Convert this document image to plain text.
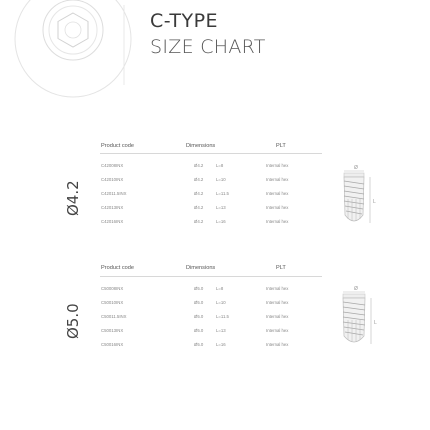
C-TYPE
SIZE CHART
Ø4.2
Product code	Dimensions	PLT
C42008INX	Ø4.2	L=8	Internal hex
C42010INX	Ø4.2	L=10	Internal hex
C42011.5INX	Ø4.2	L=11.5	Internal hex
C42013INX	Ø4.2	L=13	Internal hex
C42016INX	Ø4.2	L=16	Internal hex
Ø
L
Ø5.0
Product code	Dimensions	PLT
C50008INX	Ø5.0	L=8	Internal hex
C50010INX	Ø5.0	L=10	Internal hex
C50011.5INX	Ø5.0	L=11.5	Internal hex
C50013INX	Ø5.0	L=13	Internal hex
C50016INX	Ø5.0	L=16	Internal hex
Ø
L
